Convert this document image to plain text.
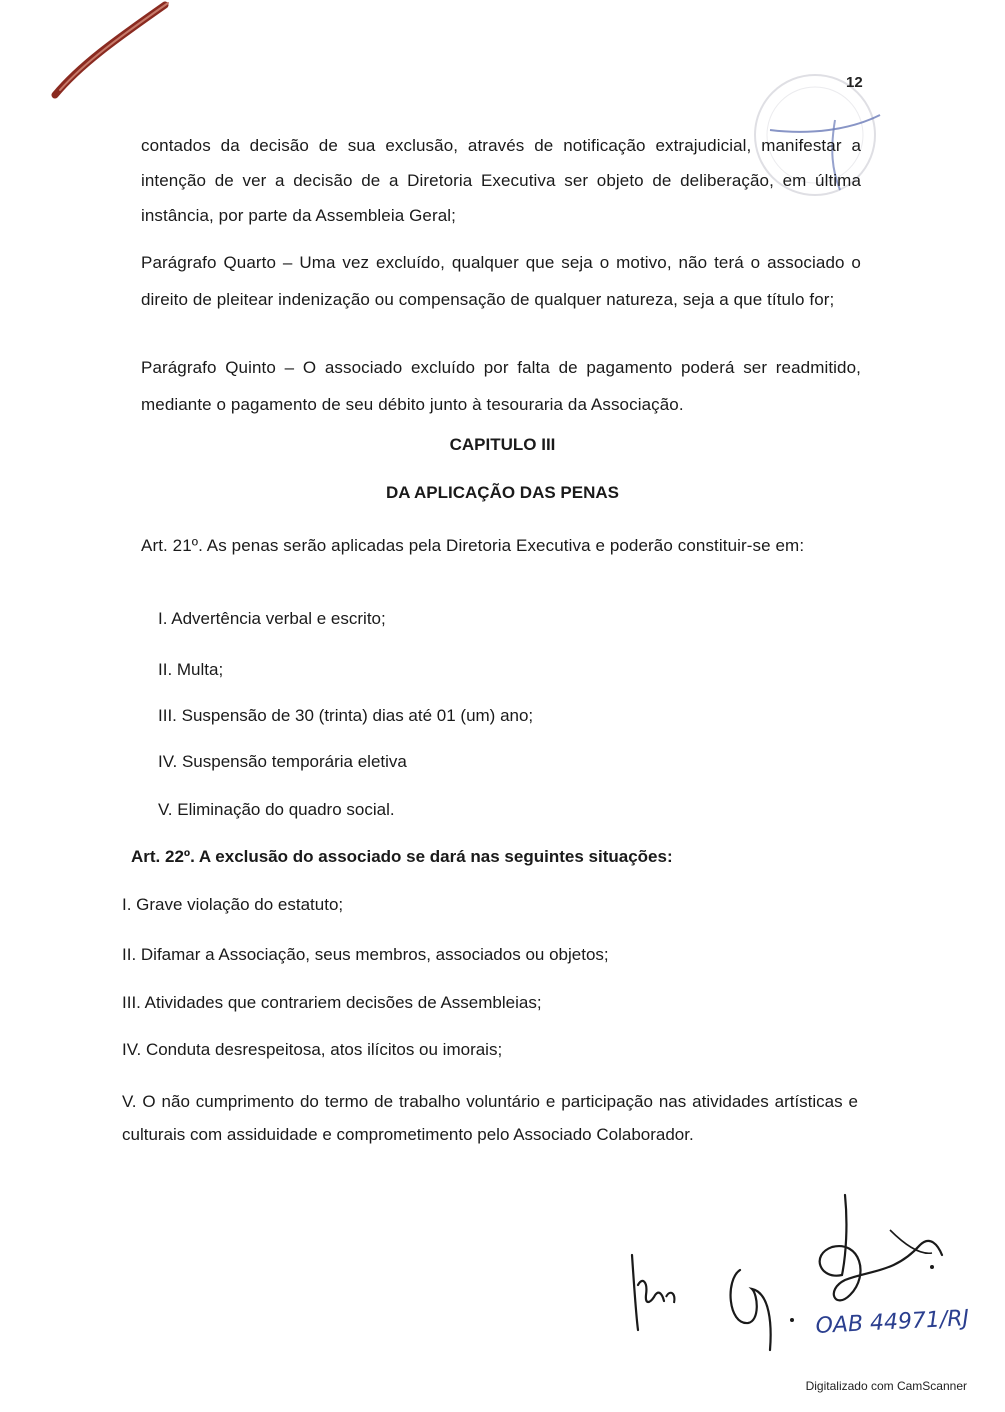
12
contados da decisão de sua exclusão, através de notificação extrajudicial, manifestar a intenção de ver a decisão de a Diretoria Executiva ser objeto de deliberação, em última instância, por parte da Assembleia Geral;
Parágrafo Quarto – Uma vez excluído, qualquer que seja o motivo, não terá o associado o direito de pleitear indenização ou compensação de qualquer natureza, seja a que título for;
Parágrafo Quinto – O associado excluído por falta de pagamento poderá ser readmitido, mediante o pagamento de seu débito junto à tesouraria da Associação.
CAPITULO III
DA APLICAÇÃO DAS PENAS
Art. 21º. As penas serão aplicadas pela Diretoria Executiva e poderão constituir-se em:
I. Advertência verbal e escrito;
II. Multa;
III. Suspensão de 30 (trinta) dias até 01 (um) ano;
IV. Suspensão temporária eletiva
V. Eliminação do quadro social.
Art. 22º. A exclusão do associado se dará nas seguintes situações:
I. Grave violação do estatuto;
II. Difamar a Associação, seus membros, associados ou objetos;
III. Atividades que contrariem decisões de Assembleias;
IV. Conduta desrespeitosa, atos ilícitos ou imorais;
V. O não cumprimento do termo de trabalho voluntário e participação nas atividades artísticas e culturais com assiduidade e comprometimento pelo Associado Colaborador.
OAB 44971/RJ
Digitalizado com CamScanner
